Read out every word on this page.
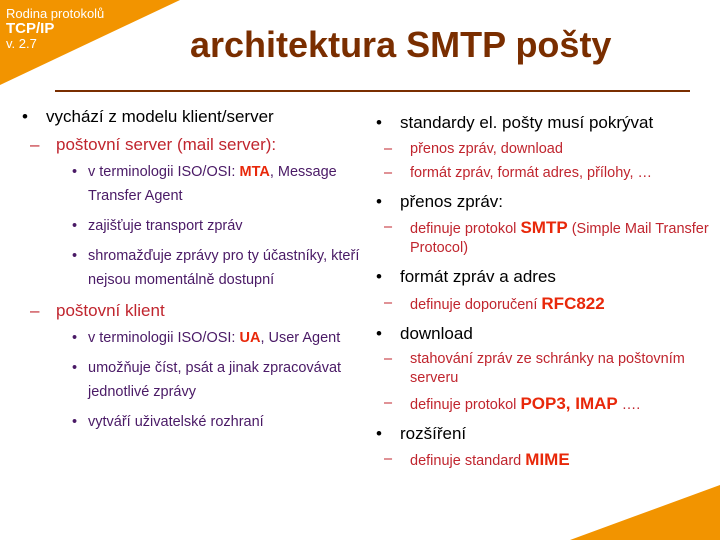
Rodina protokolů
TCP/IP
v. 2.7	architektura SMTP pošty
• vychází z modelu klient/server
– poštovní server (mail server):
• v terminologii ISO/OSI: MTA, Message Transfer Agent
• zajišťuje transport zpráv
• shromažďuje zprávy pro ty účastníky, kteří nejsou momentálně dostupní
– poštovní klient
• v terminologii ISO/OSI: UA, User Agent
• umožňuje číst, psát a jinak zpracovávat jednotlivé zprávy
• vytváří uživatelské rozhraní
• standardy el. pošty musí pokrývat
– přenos zpráv, download
– formát zpráv, formát adres, přílohy, …
• přenos zpráv:
– definuje protokol SMTP (Simple Mail Transfer Protocol)
• formát zpráv a adres
– definuje doporučení RFC822
• download
– stahování zpráv ze schránky na poštovním serveru
– definuje protokol POP3, IMAP ….
• rozšíření
– definuje standard MIME
